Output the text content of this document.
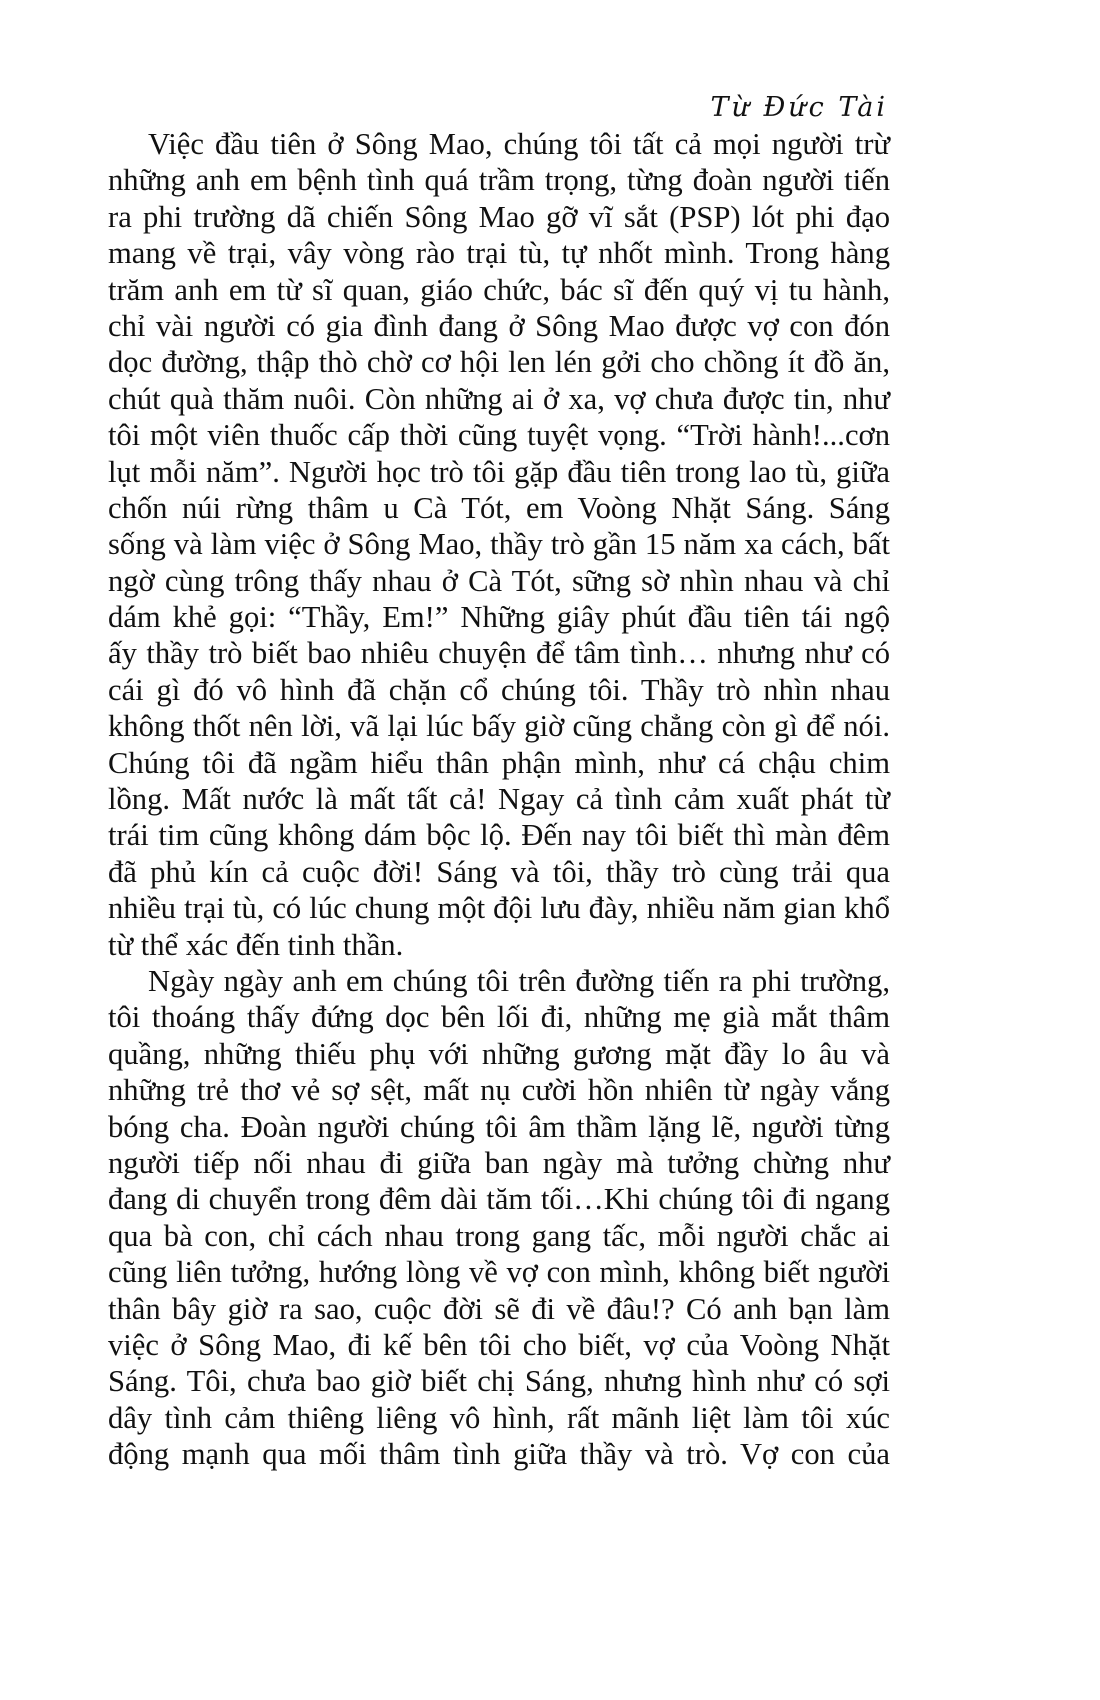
Từ Đức Tài
Việc đầu tiên ở Sông Mao, chúng tôi tất cả mọi người trừ
những anh em bệnh tình quá trầm trọng, từng đoàn người tiến
ra phi trường dã chiến Sông Mao gỡ vĩ sắt (PSP) lót phi đạo
mang về trại, vây vòng rào trại tù, tự nhốt mình. Trong hàng
trăm anh em từ sĩ quan, giáo chức, bác sĩ đến quý vị tu hành,
chỉ vài người có gia đình đang ở Sông Mao được vợ con đón
dọc đường, thập thò chờ cơ hội len lén gởi cho chồng ít đồ ăn,
chút quà thăm nuôi. Còn những ai ở xa, vợ chưa được tin, như
tôi một viên thuốc cấp thời cũng tuyệt vọng. “Trời hành!...cơn
lụt mỗi năm”. Người học trò tôi gặp đầu tiên trong lao tù, giữa
chốn núi rừng thâm u Cà Tót, em Voòng Nhặt Sáng. Sáng
sống và làm việc ở Sông Mao, thầy trò gần 15 năm xa cách, bất
ngờ cùng trông thấy nhau ở Cà Tót, sững sờ nhìn nhau và chỉ
dám khẻ gọi: “Thầy, Em!” Những giây phút đầu tiên tái ngộ
ấy thầy trò biết bao nhiêu chuyện để tâm tình… nhưng như có
cái gì đó vô hình đã chặn cổ chúng tôi. Thầy trò nhìn nhau
không thốt nên lời, vã lại lúc bấy giờ cũng chẳng còn gì để nói.
Chúng tôi đã ngầm hiểu thân phận mình, như cá chậu chim
lồng. Mất nước là mất tất cả! Ngay cả tình cảm xuất phát từ
trái tim cũng không dám bộc lộ. Đến nay tôi biết thì màn đêm
đã phủ kín cả cuộc đời! Sáng và tôi, thầy trò cùng trải qua
nhiều trại tù, có lúc chung một đội lưu đày, nhiều năm gian khổ
từ thể xác đến tinh thần.
Ngày ngày anh em chúng tôi trên đường tiến ra phi trường,
tôi thoáng thấy đứng dọc bên lối đi, những mẹ già mắt thâm
quầng, những thiếu phụ với những gương mặt đầy lo âu và
những trẻ thơ vẻ sợ sệt, mất nụ cười hồn nhiên từ ngày vắng
bóng cha. Đoàn người chúng tôi âm thầm lặng lẽ, người từng
người tiếp nối nhau đi giữa ban ngày mà tưởng chừng như
đang di chuyển trong đêm dài tăm tối…Khi chúng tôi đi ngang
qua bà con, chỉ cách nhau trong gang tấc, mỗi người chắc ai
cũng liên tưởng, hướng lòng về vợ con mình, không biết người
thân bây giờ ra sao, cuộc đời sẽ đi về đâu!? Có anh bạn làm
việc ở Sông Mao, đi kế bên tôi cho biết, vợ của Voòng Nhặt
Sáng. Tôi, chưa bao giờ biết chị Sáng, nhưng hình như có sợi
dây tình cảm thiêng liêng vô hình, rất mãnh liệt làm tôi xúc
động mạnh qua mối thâm tình giữa thầy và trò. Vợ con của
